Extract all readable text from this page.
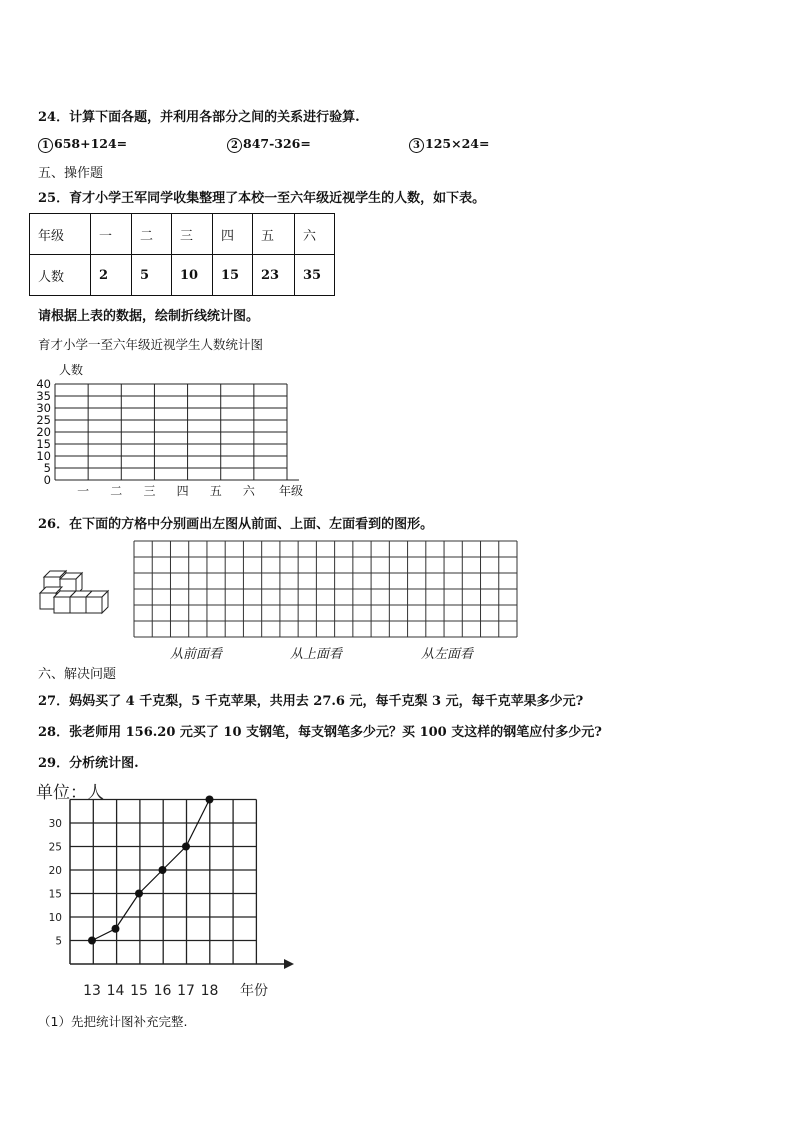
24．计算下面各题，并利用各部分之间的关系进行验算.
1 658+124=	2 847-326=	3 125×24=
五、操作题
25．育才小学王军同学收集整理了本校一至六年级近视学生的人数，如下表。
年级	一	二	三	四	五	六
人数	2	5	10	15	23	35
请根据上表的数据，绘制折线统计图。
育才小学一至六年级近视学生人数统计图
0
5
10
15
20
25
30
35
40
人数
一 二 三 四 五 六 年级
26．在下面的方格中分别画出左图从前面、上面、左面看到的图形。
从前面看	从上面看	从左面看
六、解决问题
27．妈妈买了 4 千克梨，5 千克苹果，共用去 27.6 元，每千克梨 3 元，每千克苹果多少元?
28．张老师用 156.20 元买了 10 支钢笔，每支钢笔多少元？买 100 支这样的钢笔应付多少元?
29．分析统计图.
单位：人
5
10
15
20
25
30
13 14 15 16 17 18 年份
（1）先把统计图补充完整.
